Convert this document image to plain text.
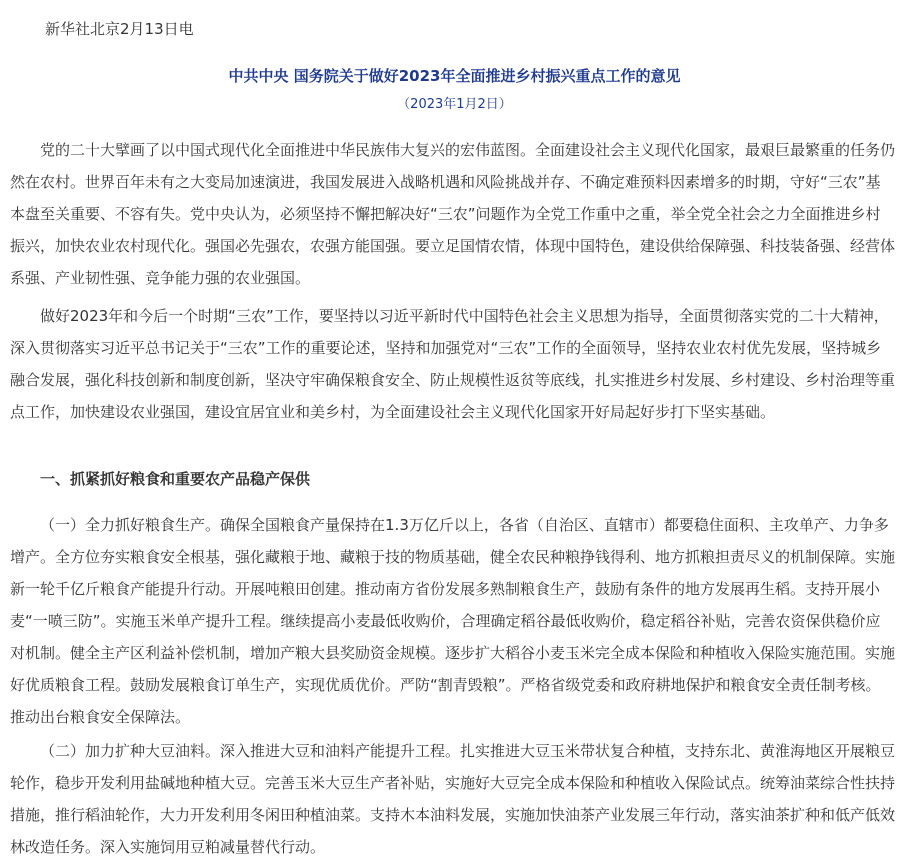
新华社北京2月13日电
中共中央 国务院关于做好2023年全面推进乡村振兴重点工作的意见
（2023年1月2日）

党的二十大擘画了以中国式现代化全面推进中华民族伟大复兴的宏伟蓝图。全面建设社会主义现代化国家，最艰巨最繁重的任务仍然在农村。世界百年未有之大变局加速演进，我国发展进入战略机遇和风险挑战并存、不确定难预料因素增多的时期，守好“三农”基本盘至关重要、不容有失。党中央认为，必须坚持不懈把解决好“三农”问题作为全党工作重中之重，举全党全社会之力全面推进乡村振兴，加快农业农村现代化。强国必先强农，农强方能国强。要立足国情农情，体现中国特色，建设供给保障强、科技装备强、经营体系强、产业韧性强、竞争能力强的农业强国。

做好2023年和今后一个时期“三农”工作，要坚持以习近平新时代中国特色社会主义思想为指导，全面贯彻落实党的二十大精神，深入贯彻落实习近平总书记关于“三农”工作的重要论述，坚持和加强党对“三农”工作的全面领导，坚持农业农村优先发展，坚持城乡融合发展，强化科技创新和制度创新，坚决守牢确保粮食安全、防止规模性返贫等底线，扎实推进乡村发展、乡村建设、乡村治理等重点工作，加快建设农业强国，建设宜居宜业和美乡村，为全面建设社会主义现代化国家开好局起好步打下坚实基础。

一、抓紧抓好粮食和重要农产品稳产保供

（一）全力抓好粮食生产。确保全国粮食产量保持在1.3万亿斤以上，各省（自治区、直辖市）都要稳住面积、主攻单产、力争多增产。全方位夯实粮食安全根基，强化藏粮于地、藏粮于技的物质基础，健全农民种粮挣钱得利、地方抓粮担责尽义的机制保障。实施新一轮千亿斤粮食产能提升行动。开展吨粮田创建。推动南方省份发展多熟制粮食生产，鼓励有条件的地方发展再生稻。支持开展小麦“一喷三防”。实施玉米单产提升工程。继续提高小麦最低收购价，合理确定稻谷最低收购价，稳定稻谷补贴，完善农资保供稳价应对机制。健全主产区利益补偿机制，增加产粮大县奖励资金规模。逐步扩大稻谷小麦玉米完全成本保险和种植收入保险实施范围。实施好优质粮食工程。鼓励发展粮食订单生产，实现优质优价。严防“割青毁粮”。严格省级党委和政府耕地保护和粮食安全责任制考核。推动出台粮食安全保障法。

（二）加力扩种大豆油料。深入推进大豆和油料产能提升工程。扎实推进大豆玉米带状复合种植，支持东北、黄淮海地区开展粮豆轮作，稳步开发利用盐碱地种植大豆。完善玉米大豆生产者补贴，实施好大豆完全成本保险和种植收入保险试点。统筹油菜综合性扶持措施，推行稻油轮作，大力开发利用冬闲田种植油菜。支持木本油料发展，实施加快油茶产业发展三年行动，落实油茶扩种和低产低效林改造任务。深入实施饲用豆粕减量替代行动。
